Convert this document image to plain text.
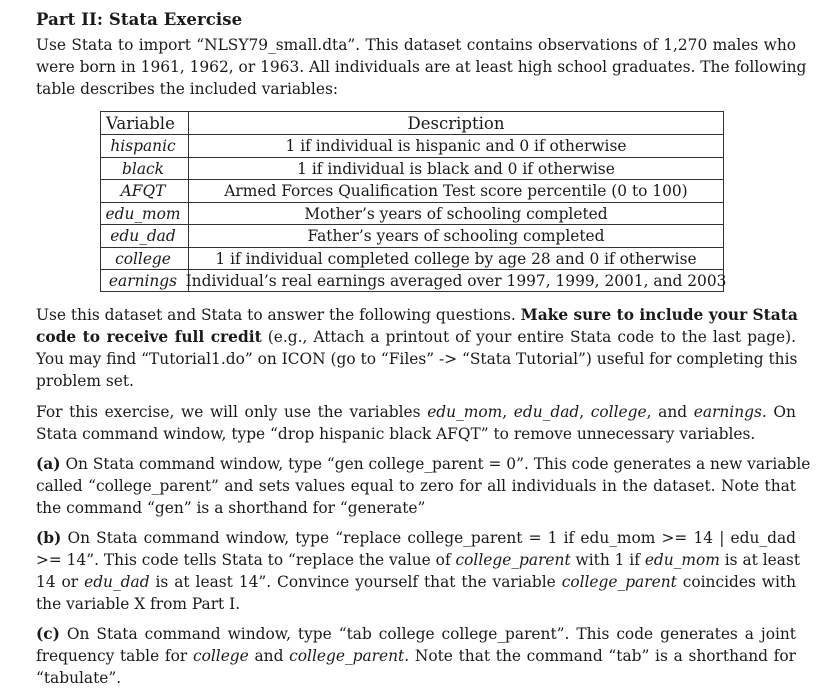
Part II: Stata Exercise
Use Stata to import “NLSY79_small.dta”. This dataset contains observations of 1,270 males who
were born in 1961, 1962, or 1963. All individuals are at least high school graduates. The following
table describes the included variables:
Variable	Description
hispanic	1 if individual is hispanic and 0 if otherwise
black	1 if individual is black and 0 if otherwise
AFQT	Armed Forces Qualification Test score percentile (0 to 100)
edu_mom	Mother’s years of schooling completed
edu_dad	Father’s years of schooling completed
college	1 if individual completed college by age 28 and 0 if otherwise
earnings Individual’s real earnings averaged over 1997, 1999, 2001, and 2003
Use this dataset and Stata to answer the following questions. Make sure to include your Stata
code to receive full credit (e.g., Attach a printout of your entire Stata code to the last page).
You may find “Tutorial1.do” on ICON (go to “Files” -> “Stata Tutorial”) useful for completing this
problem set.
For this exercise, we will only use the variables edu_mom, edu_dad, college, and earnings. On
Stata command window, type “drop hispanic black AFQT” to remove unnecessary variables.
(a) On Stata command window, type “gen college_parent = 0”. This code generates a new variable
called “college_parent” and sets values equal to zero for all individuals in the dataset. Note that
the command “gen” is a shorthand for “generate”
(b) On Stata command window, type “replace college_parent = 1 if edu_mom >= 14 | edu_dad
>= 14”. This code tells Stata to “replace the value of college_parent with 1 if edu_mom is at least
14 or edu_dad is at least 14”. Convince yourself that the variable college_parent coincides with
the variable X from Part I.
(c) On Stata command window, type “tab college college_parent”. This code generates a joint
frequency table for college and college_parent. Note that the command “tab” is a shorthand for
“tabulate”.
